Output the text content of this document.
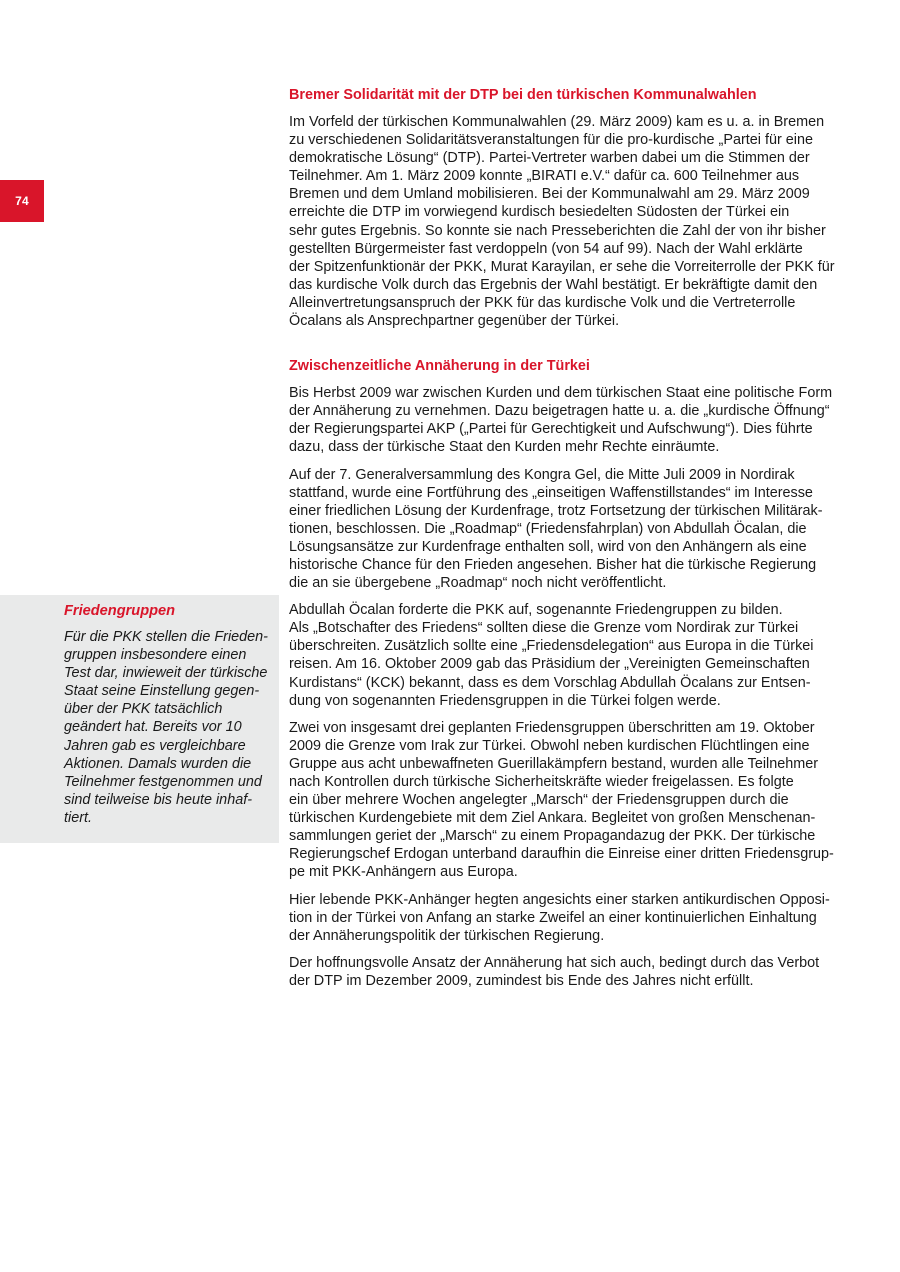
74
Friedengruppen
Für die PKK stellen die Frieden-
gruppen insbesondere einen
Test dar, inwieweit der türkische
Staat seine Einstellung gegen-
über der PKK tatsächlich
geändert hat. Bereits vor 10
Jahren gab es vergleichbare
Aktionen. Damals wurden die
Teilnehmer festgenommen und
sind teilweise bis heute inhaf-
tiert.
Bremer Solidarität mit der DTP bei den türkischen Kommunalwahlen

Im Vorfeld der türkischen Kommunalwahlen (29. März 2009) kam es u. a. in Bremen
zu verschiedenen Solidaritätsveranstaltungen für die pro-kurdische „Partei für eine
demokratische Lösung“ (DTP). Partei-Vertreter warben dabei um die Stimmen der
Teilnehmer. Am 1. März 2009 konnte „BIRATI e.V.“ dafür ca. 600 Teilnehmer aus
Bremen und dem Umland mobilisieren. Bei der Kommunalwahl am 29. März 2009
erreichte die DTP im vorwiegend kurdisch besiedelten Südosten der Türkei ein
sehr gutes Ergebnis. So konnte sie nach Presseberichten die Zahl der von ihr bisher
gestellten Bürgermeister fast verdoppeln (von 54 auf 99). Nach der Wahl erklärte
der Spitzenfunktionär der PKK, Murat Karayilan, er sehe die Vorreiterrolle der PKK für
das kurdische Volk durch das Ergebnis der Wahl bestätigt. Er bekräftigte damit den
Alleinvertretungsanspruch der PKK für das kurdische Volk und die Vertreterrolle
Öcalans als Ansprechpartner gegenüber der Türkei.

Zwischenzeitliche Annäherung in der Türkei

Bis Herbst 2009 war zwischen Kurden und dem türkischen Staat eine politische Form
der Annäherung zu vernehmen. Dazu beigetragen hatte u. a. die „kurdische Öffnung“
der Regierungspartei AKP („Partei für Gerechtigkeit und Aufschwung“). Dies führte
dazu, dass der türkische Staat den Kurden mehr Rechte einräumte.

Auf der 7. Generalversammlung des Kongra Gel, die Mitte Juli 2009 in Nordirak
stattfand, wurde eine Fortführung des „einseitigen Waffenstillstandes“ im Interesse
einer friedlichen Lösung der Kurdenfrage, trotz Fortsetzung der türkischen Militärak-
tionen, beschlossen. Die „Roadmap“ (Friedensfahrplan) von Abdullah Öcalan, die
Lösungsansätze zur Kurdenfrage enthalten soll, wird von den Anhängern als eine
historische Chance für den Frieden angesehen. Bisher hat die türkische Regierung
die an sie übergebene „Roadmap“ noch nicht veröffentlicht.

Abdullah Öcalan forderte die PKK auf, sogenannte Friedengruppen zu bilden.
Als „Botschafter des Friedens“ sollten diese die Grenze vom Nordirak zur Türkei
überschreiten. Zusätzlich sollte eine „Friedensdelegation“ aus Europa in die Türkei
reisen. Am 16. Oktober 2009 gab das Präsidium der „Vereinigten Gemeinschaften
Kurdistans“ (KCK) bekannt, dass es dem Vorschlag Abdullah Öcalans zur Entsen-
dung von sogenannten Friedensgruppen in die Türkei folgen werde.

Zwei von insgesamt drei geplanten Friedensgruppen überschritten am 19. Oktober
2009 die Grenze vom Irak zur Türkei. Obwohl neben kurdischen Flüchtlingen eine
Gruppe aus acht unbewaffneten Guerillakämpfern bestand, wurden alle Teilnehmer
nach Kontrollen durch türkische Sicherheitskräfte wieder freigelassen. Es folgte
ein über mehrere Wochen angelegter „Marsch“ der Friedensgruppen durch die
türkischen Kurdengebiete mit dem Ziel Ankara. Begleitet von großen Menschenan-
sammlungen geriet der „Marsch“ zu einem Propagandazug der PKK. Der türkische
Regierungschef Erdogan unterband daraufhin die Einreise einer dritten Friedensgrup-
pe mit PKK-Anhängern aus Europa.

Hier lebende PKK-Anhänger hegten angesichts einer starken antikurdischen Opposi-
tion in der Türkei von Anfang an starke Zweifel an einer kontinuierlichen Einhaltung
der Annäherungspolitik der türkischen Regierung.

Der hoffnungsvolle Ansatz der Annäherung hat sich auch, bedingt durch das Verbot
der DTP im Dezember 2009, zumindest bis Ende des Jahres nicht erfüllt.
